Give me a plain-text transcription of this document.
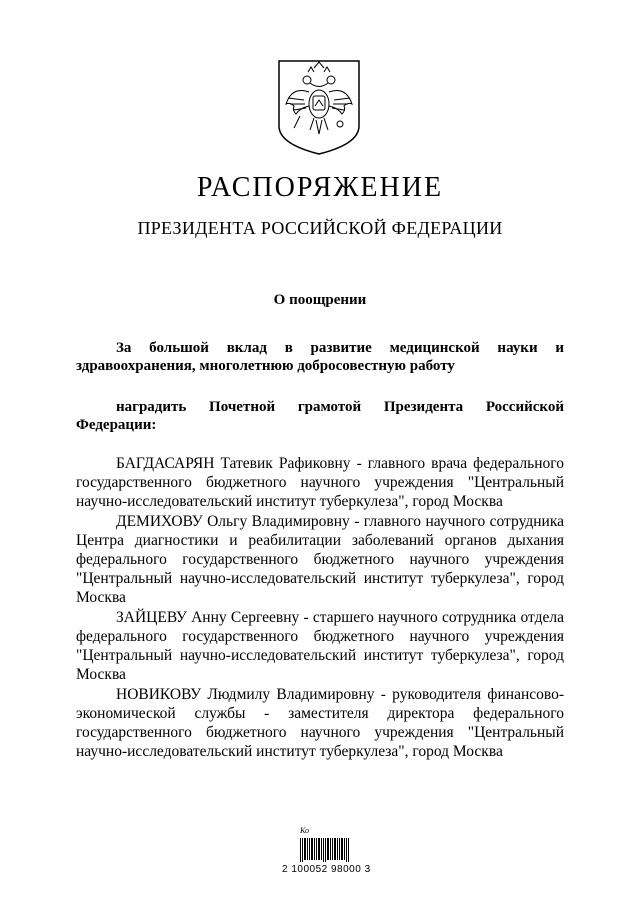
РАСПОРЯЖЕНИЕ
ПРЕЗИДЕНТА РОССИЙСКОЙ ФЕДЕРАЦИИ
О поощрении
За большой вклад в развитие медицинской науки и здравоохранения, многолетнюю добросовестную работу
наградить Почетной грамотой Президента Российской Федерации:

БАГДАСАРЯН Татевик Рафиковну - главного врача федерального государственного бюджетного научного учреждения "Центральный научно-исследовательский институт туберкулеза", город Москва

ДЕМИХОВУ Ольгу Владимировну - главного научного сотрудника Центра диагностики и реабилитации заболеваний органов дыхания федерального государственного бюджетного научного учреждения "Центральный научно-исследовательский институт туберкулеза", город Москва

ЗАЙЦЕВУ Анну Сергеевну - старшего научного сотрудника отдела федерального государственного бюджетного научного учреждения "Центральный научно-исследовательский институт туберкулеза", город Москва

НОВИКОВУ Людмилу Владимировну - руководителя финансово-экономической службы - заместителя директора федерального государственного бюджетного научного учреждения "Центральный научно-исследовательский институт туберкулеза", город Москва

Ко
2 100052 98000 3
